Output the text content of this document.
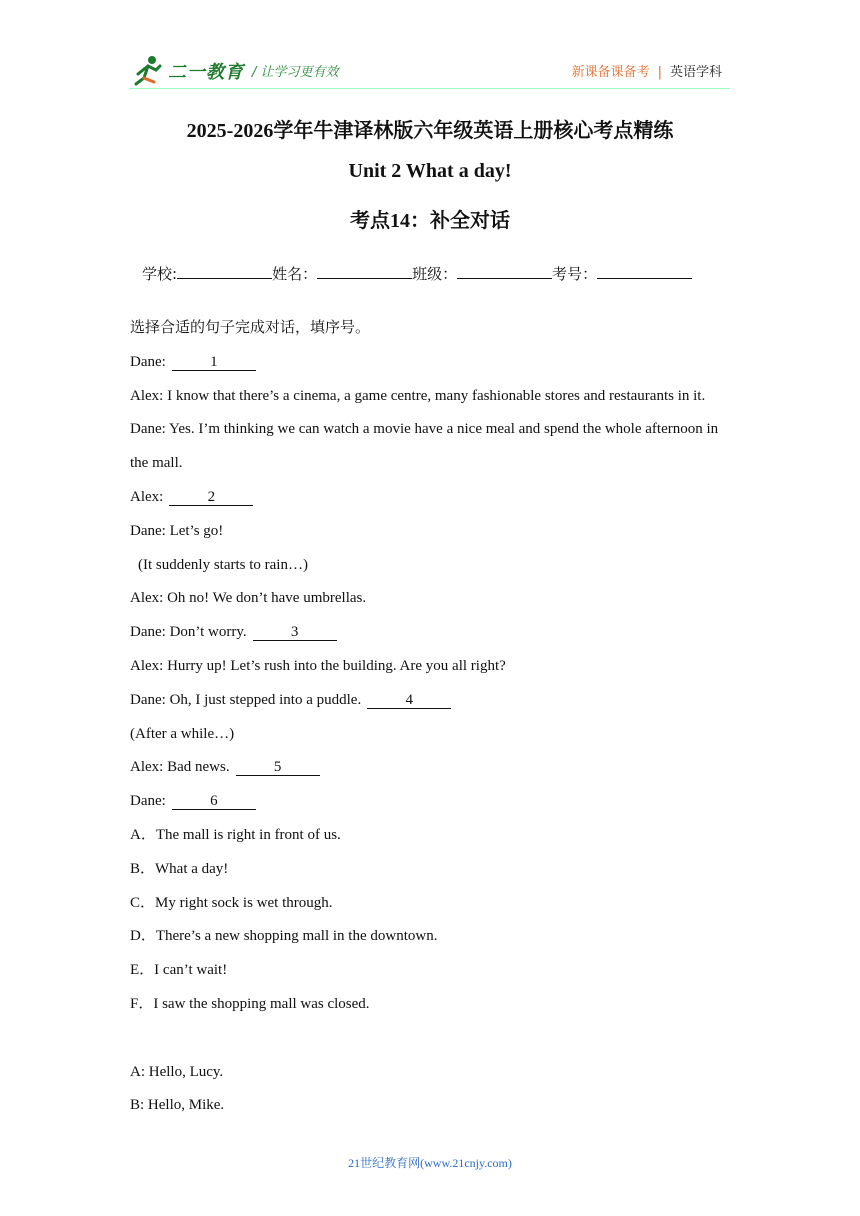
二一教育 / 让学习更有效	新课备课备考 | 英语学科
2025-2026学年牛津译林版六年级英语上册核心考点精练
Unit 2 What a day!
考点14：补全对话
学校:	姓名：	班级：	考号：
选择合适的句子完成对话，填序号。
Dane:	1
Alex: I know that there’s a cinema, a game centre, many fashionable stores and restaurants in it.
Dane: Yes. I’m thinking we can watch a movie have a nice meal and spend the whole afternoon in
the mall.
Alex:	2
Dane: Let’s go!
(It suddenly starts to rain…)
Alex: Oh no! We don’t have umbrellas.
Dane: Don’t worry.	3
Alex: Hurry up! Let’s rush into the building. Are you all right?
Dane: Oh, I just stepped into a puddle.	4
(After a while…)
Alex: Bad news.	5
Dane:	6
A．The mall is right in front of us.
B．What a day!
C．My right sock is wet through.
D．There’s a new shopping mall in the downtown.
E．I can’t wait!
F．I saw the shopping mall was closed.
A: Hello, Lucy.
B: Hello, Mike.
21世纪教育网(www.21cnjy.com)
